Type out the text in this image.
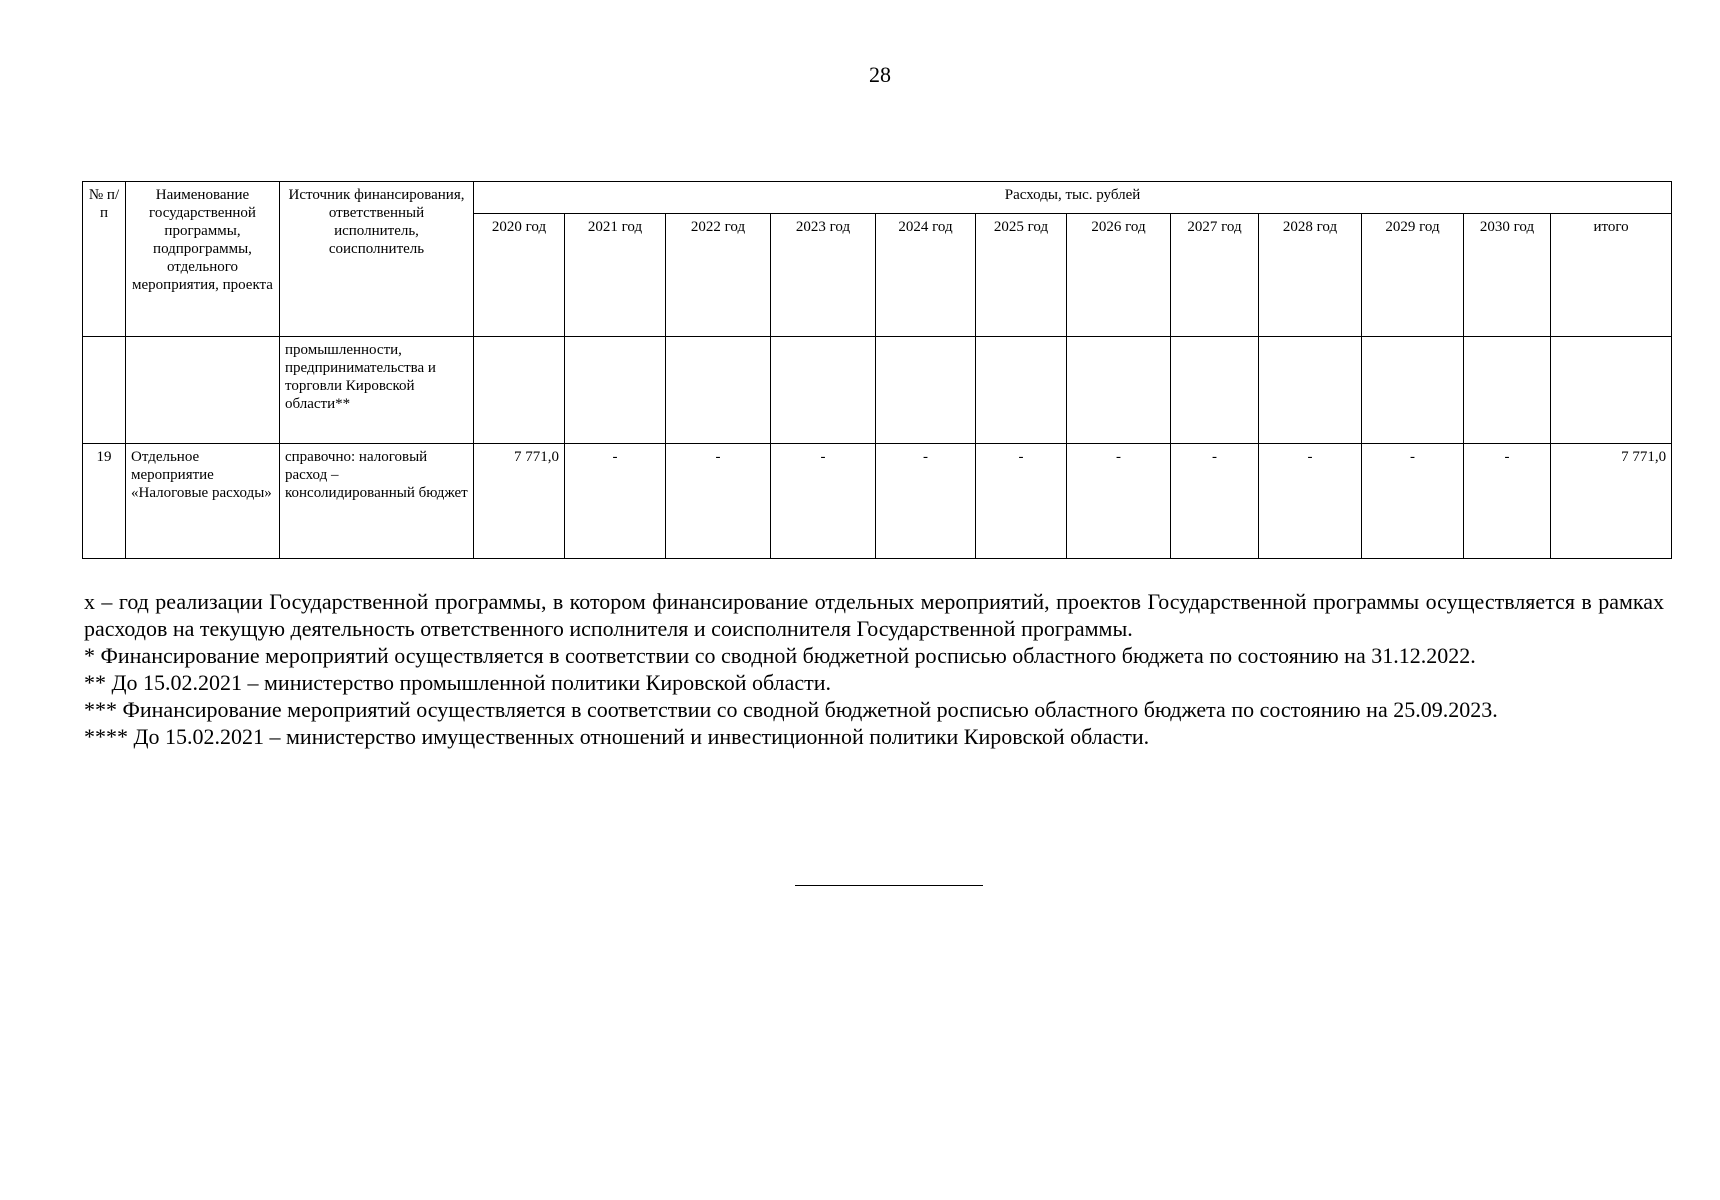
28
№ п/п	Наименование государственной программы, подпрограммы, отдельного мероприятия, проекта	Источник финансирования, ответственный исполнитель, соисполнитель	Расходы, тыс. рублей											
			2020 год	2021 год	2022 год	2023 год	2024 год	2025 год	2026 год	2027 год	2028 год	2029 год	2030 год	итого
		промышленности, предпринимательства и торговли Кировской области**												
19	Отдельное мероприятие «Налоговые расходы»	справочно: налоговый расход – консолидированный бюджет	7 771,0	-	-	-	-	-	-	-	-	-	-	7 771,0

х – год реализации Государственной программы, в котором финансирование отдельных мероприятий, проектов Государственной программы осуществляется в рамках расходов на текущую деятельность ответственного исполнителя и соисполнителя Государственной программы.

* Финансирование мероприятий осуществляется в соответствии со сводной бюджетной росписью областного бюджета по состоянию на 31.12.2022.

** До 15.02.2021 – министерство промышленной политики Кировской области.

*** Финансирование мероприятий осуществляется в соответствии со сводной бюджетной росписью областного бюджета по состоянию на 25.09.2023.

**** До 15.02.2021 – министерство имущественных отношений и инвестиционной политики Кировской области.
